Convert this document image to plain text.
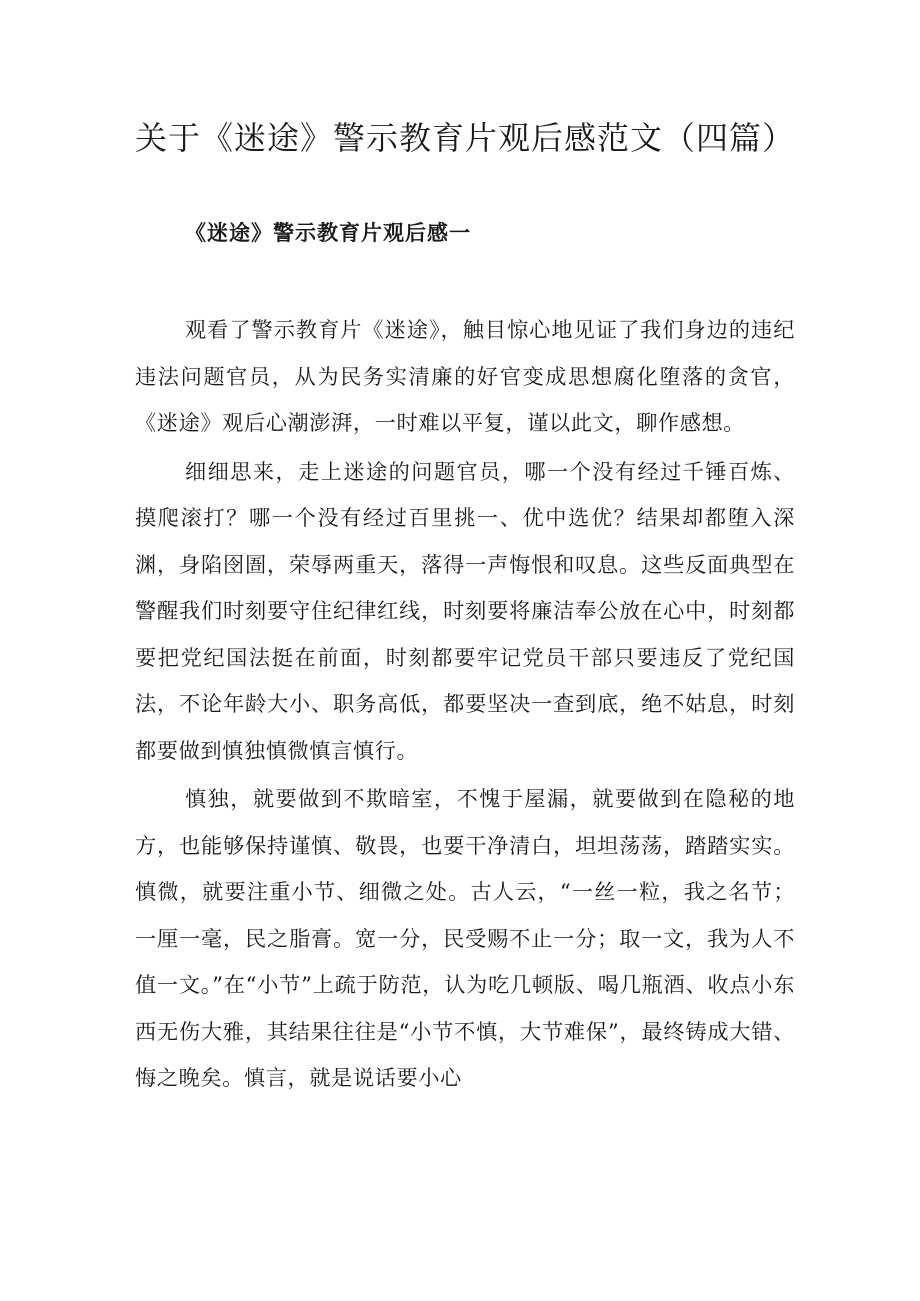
关于《迷途》警示教育片观后感范文（四篇）
《迷途》警示教育片观后感一

观看了警示教育片《迷途》，触目惊心地见证了我们身边的违纪违法问题官员，从为民务实清廉的好官变成思想腐化堕落的贪官，《迷途》观后心潮澎湃，一时难以平复，谨以此文，聊作感想。

细细思来，走上迷途的问题官员，哪一个没有经过千锤百炼、摸爬滚打？哪一个没有经过百里挑一、优中选优？结果却都堕入深渊，身陷囹圄，荣辱两重天，落得一声悔恨和叹息。这些反面典型在警醒我们时刻要守住纪律红线，时刻要将廉洁奉公放在心中，时刻都要把党纪国法挺在前面，时刻都要牢记党员干部只要违反了党纪国法，不论年龄大小、职务高低，都要坚决一查到底，绝不姑息，时刻都要做到慎独慎微慎言慎行。

慎独，就要做到不欺暗室，不愧于屋漏，就要做到在隐秘的地方，也能够保持谨慎、敬畏，也要干净清白，坦坦荡荡，踏踏实实。慎微，就要注重小节、细微之处。古人云，“一丝一粒，我之名节；一厘一毫，民之脂膏。宽一分，民受赐不止一分；取一文，我为人不值一文。”在“小节”上疏于防范，认为吃几顿版、喝几瓶酒、收点小东西无伤大雅，其结果往往是“小节不慎，大节难保”，最终铸成大错、悔之晚矣。慎言，就是说话要小心
